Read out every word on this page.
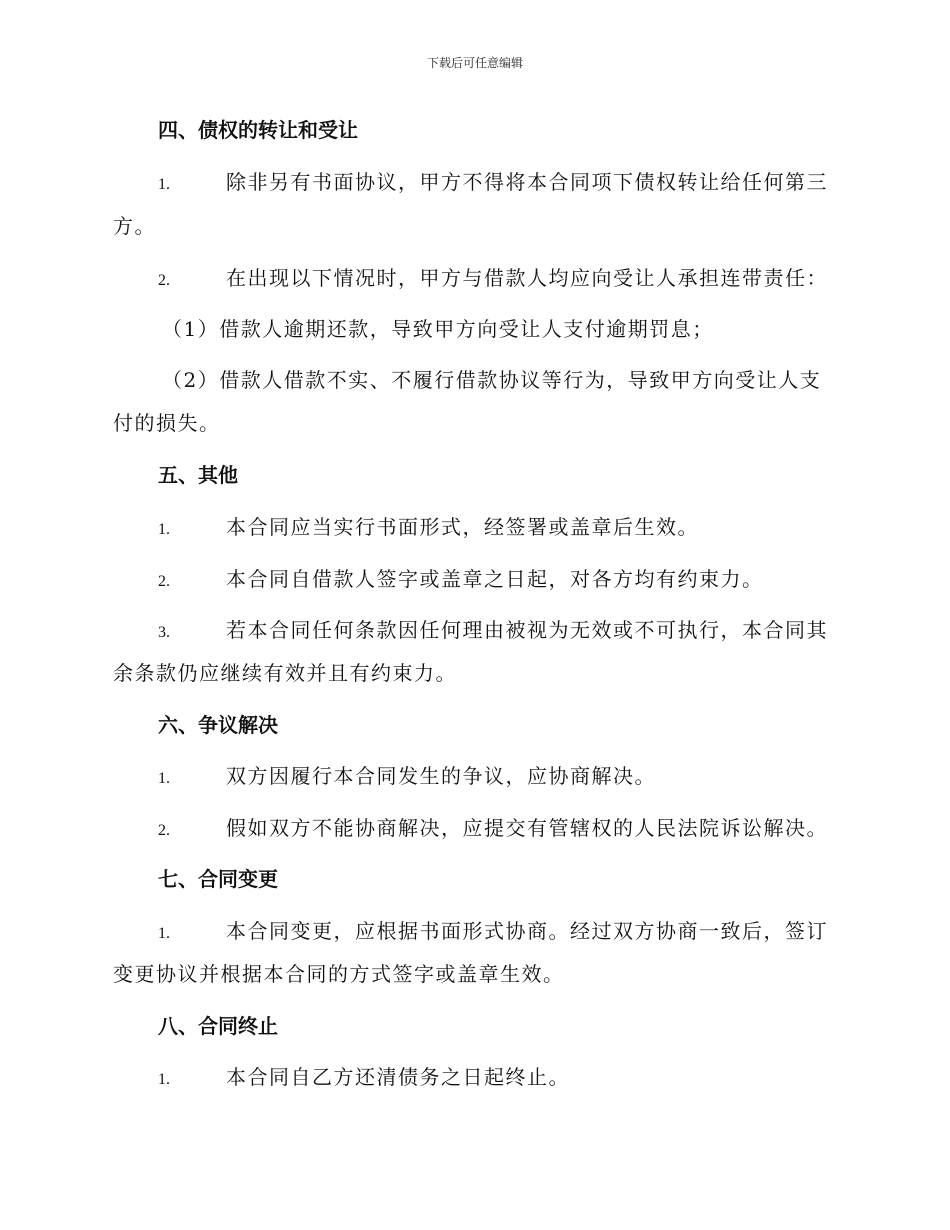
下载后可任意编辑
四、债权的转让和受让
1.	除非另有书面协议，甲方不得将本合同项下债权转让给任何第三
方。
2.	在出现以下情况时，甲方与借款人均应向受让人承担连带责任：
（1）借款人逾期还款，导致甲方向受让人支付逾期罚息；
（2）借款人借款不实、不履行借款协议等行为，导致甲方向受让人支
付的损失。
五、其他
1.	本合同应当实行书面形式，经签署或盖章后生效。
2.	本合同自借款人签字或盖章之日起，对各方均有约束力。
3.	若本合同任何条款因任何理由被视为无效或不可执行，本合同其
余条款仍应继续有效并且有约束力。
六、争议解决
1.	双方因履行本合同发生的争议，应协商解决。
2.	假如双方不能协商解决，应提交有管辖权的人民法院诉讼解决。
七、合同变更
1.	本合同变更，应根据书面形式协商。经过双方协商一致后，签订
变更协议并根据本合同的方式签字或盖章生效。
八、合同终止
1.	本合同自乙方还清债务之日起终止。
